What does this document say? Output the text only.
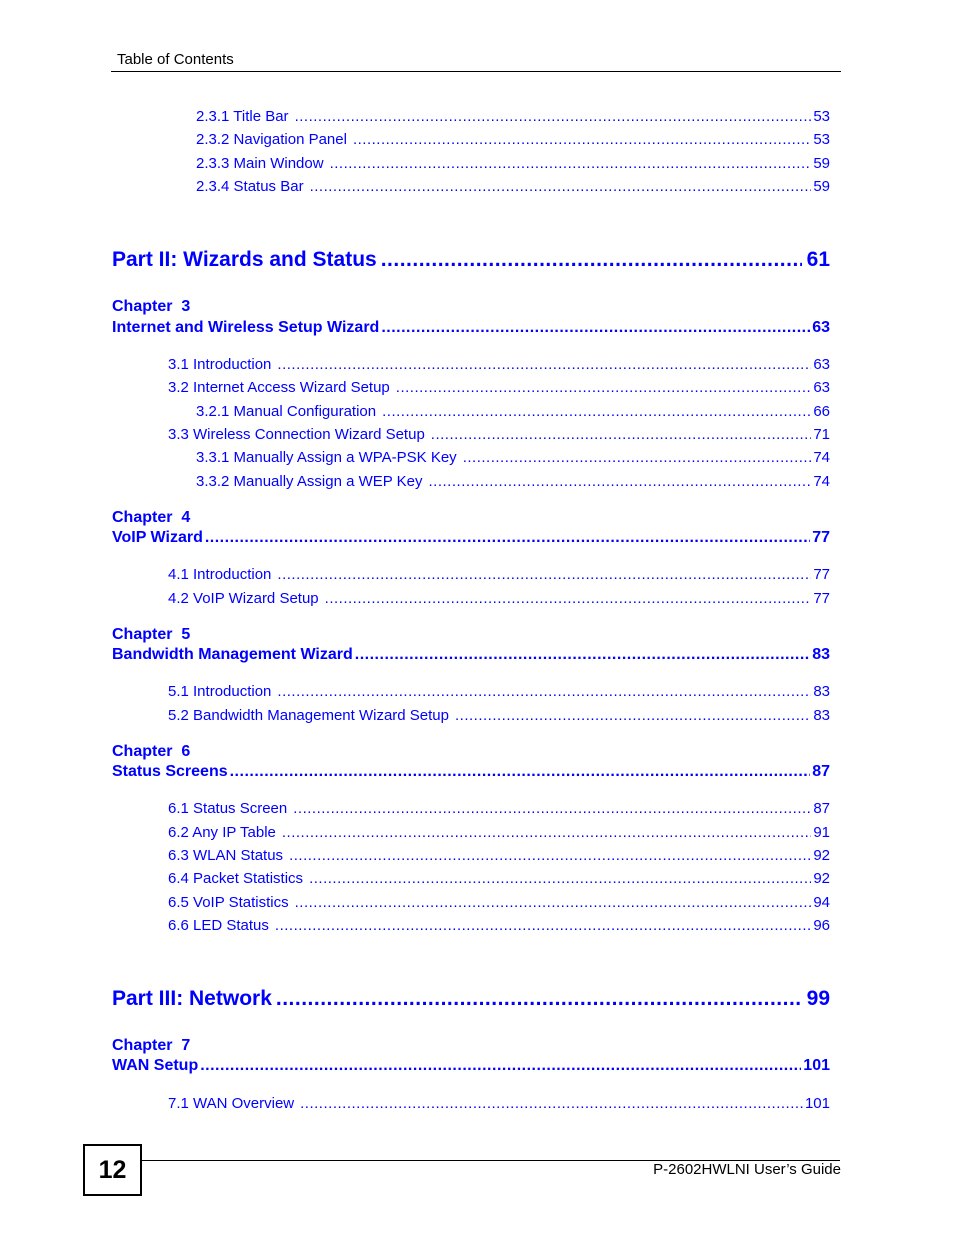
Table of Contents
2.3.1 Title Bar .....	53
2.3.2 Navigation Panel .....	53
2.3.3 Main Window .....	59
2.3.4 Status Bar .....	59
Part II: Wizards and Status .....	61
Chapter  3
Internet and Wireless Setup Wizard .....	63
3.1 Introduction .....	63
3.2 Internet Access Wizard Setup .....	63
3.2.1 Manual Configuration .....	66
3.3 Wireless Connection Wizard Setup .....	71
3.3.1 Manually Assign a WPA-PSK Key .....	74
3.3.2 Manually Assign a WEP Key .....	74
Chapter  4
VoIP Wizard .....	77
4.1 Introduction .....	77
4.2 VoIP Wizard Setup .....	77
Chapter  5
Bandwidth Management Wizard .....	83
5.1 Introduction .....	83
5.2 Bandwidth Management Wizard Setup .....	83
Chapter  6
Status Screens .....	87
6.1 Status Screen .....	87
6.2 Any IP Table .....	91
6.3 WLAN Status .....	92
6.4 Packet Statistics .....	92
6.5 VoIP Statistics .....	94
6.6 LED Status .....	96
Part III: Network .....	99
Chapter  7
WAN Setup .....	101
7.1 WAN Overview .....	101
12	P-2602HWLNI User’s Guide
